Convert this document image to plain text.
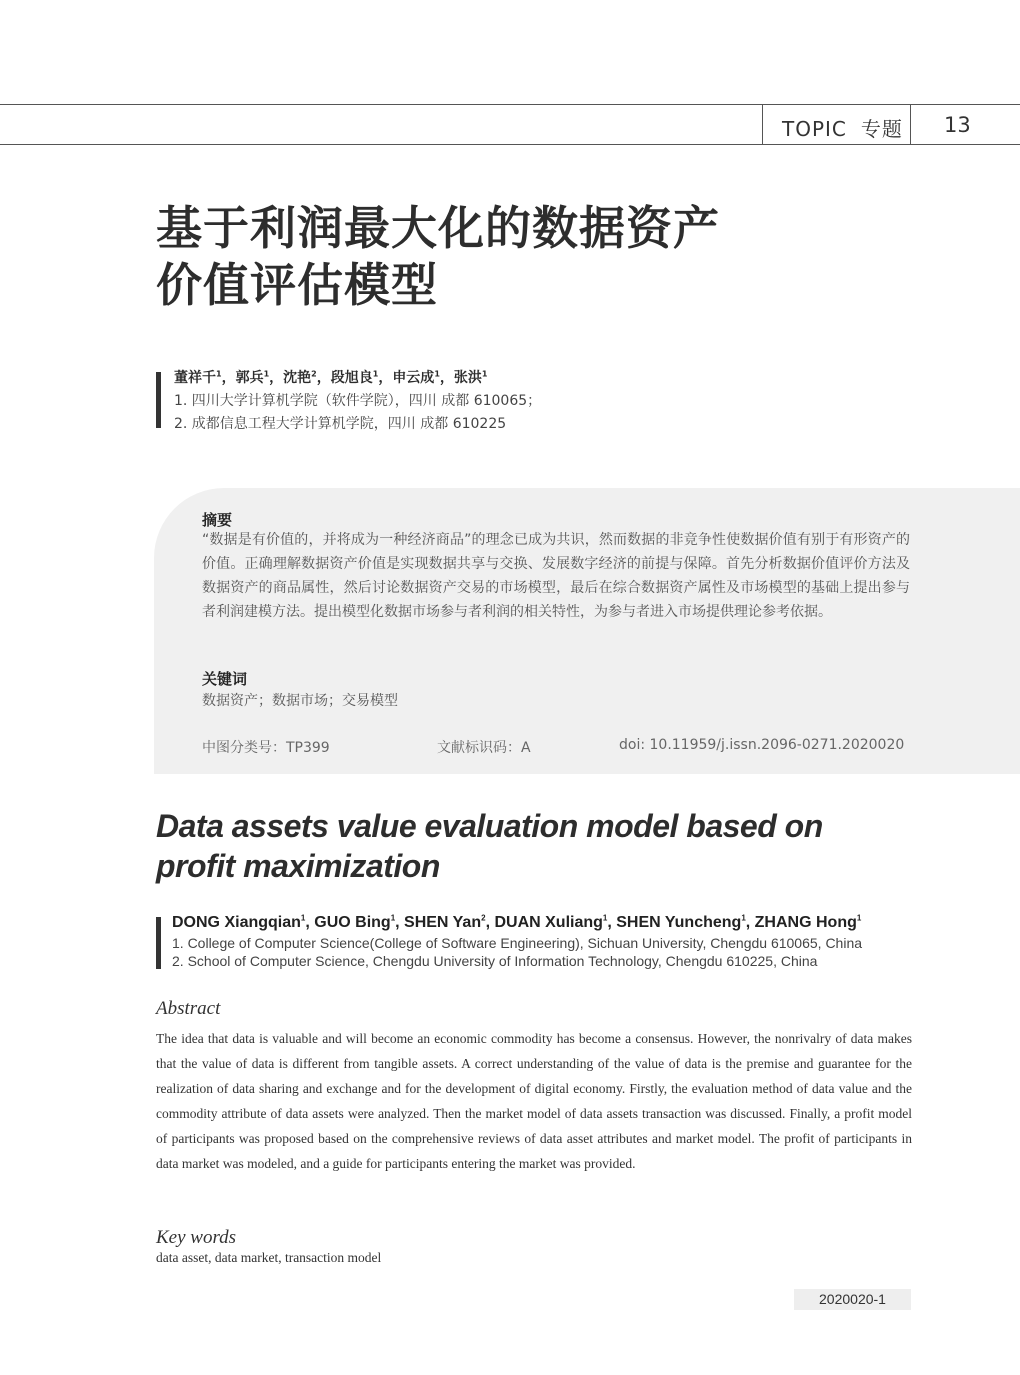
TOPIC 专题 13
基于利润最大化的数据资产
价值评估模型
董祥千$^1$，郭兵$^1$，沈艳$^2$，段旭良$^1$，申云成$^1$，张洪$^1$
1. 四川大学计算机学院（软件学院），四川 成都 610065；
2. 成都信息工程大学计算机学院，四川 成都 610225
摘要
“数据是有价值的，并将成为一种经济商品”的理念已成为共识，然而数据的非竞争性使数据价值有别于有形资产的价值。正确理解数据资产价值是实现数据共享与交换、发展数字经济的前提与保障。首先分析数据价值评价方法及数据资产的商品属性，然后讨论数据资产交易的市场模型，最后在综合数据资产属性及市场模型的基础上提出参与者利润建模方法。提出模型化数据市场参与者利润的相关特性，为参与者进入市场提供理论参考依据。
关键词
数据资产；数据市场；交易模型
中图分类号：TP399	文献标识码：A	doi: 10.11959/j.issn.2096-0271.2020020
Data assets value evaluation model based on
profit maximization
DONG Xiangqian$^1$, GUO Bing$^1$, SHEN Yan$^2$, DUAN Xuliang$^1$, SHEN Yuncheng$^1$, ZHANG Hong$^1$
1. College of Computer Science(College of Software Engineering), Sichuan University, Chengdu 610065, China
2. School of Computer Science, Chengdu University of Information Technology, Chengdu 610225, China
Abstract
The idea that data is valuable and will become an economic commodity has become a consensus. However, the nonrivalry of data makes that the value of data is different from tangible assets. A correct understanding of the value of data is the premise and guarantee for the realization of data sharing and exchange and for the development of digital economy. Firstly, the evaluation method of data value and the commodity attribute of data assets were analyzed. Then the market model of data assets transaction was discussed. Finally, a profit model of participants was proposed based on the comprehensive reviews of data asset attributes and market model. The profit of participants in data market was modeled, and a guide for participants entering the market was provided.
Key words
data asset, data market, transaction model
2020020-1
